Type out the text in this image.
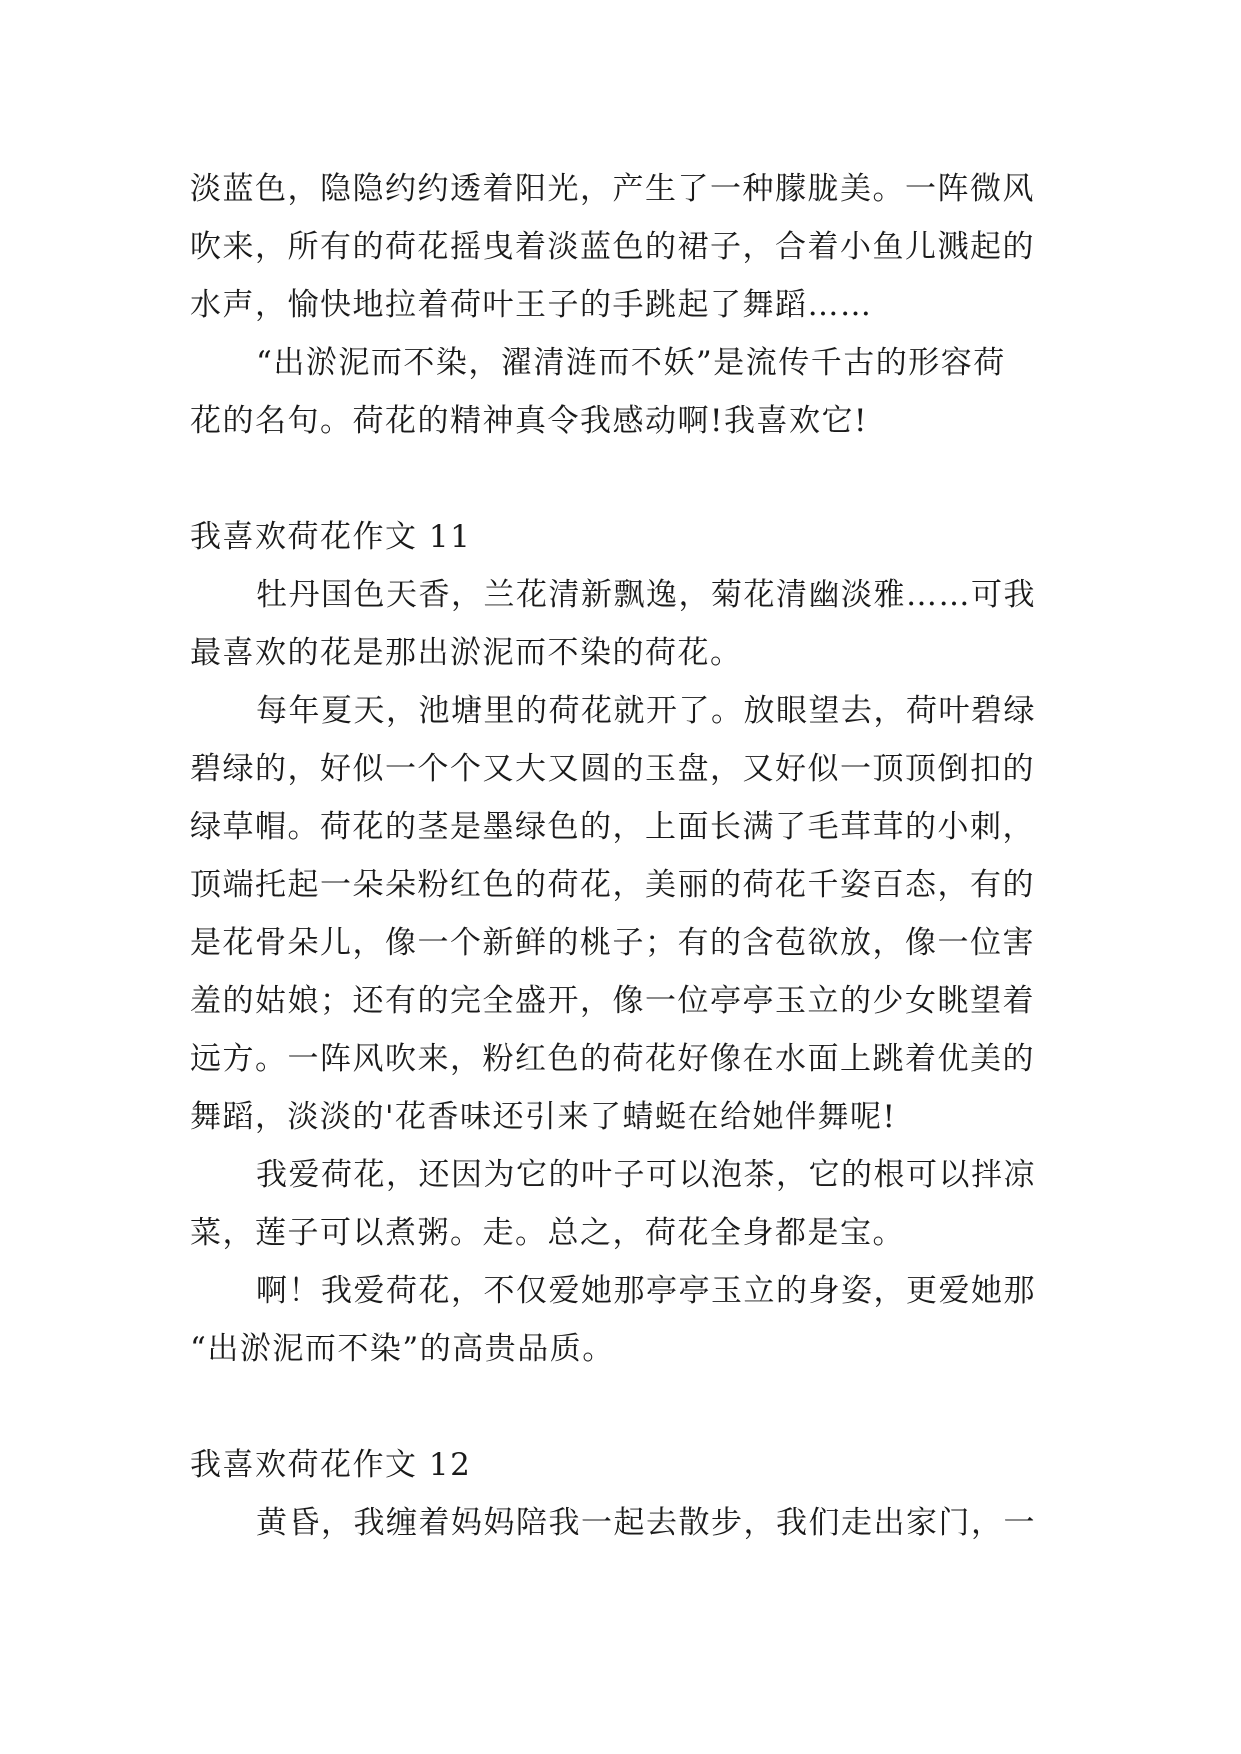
淡蓝色，隐隐约约透着阳光，产生了一种朦胧美。一阵微风
吹来，所有的荷花摇曳着淡蓝色的裙子，合着小鱼儿溅起的
水声，愉快地拉着荷叶王子的手跳起了舞蹈……
“出淤泥而不染，濯清涟而不妖”是流传千古的形容荷
花的名句。荷花的精神真令我感动啊!我喜欢它!
我喜欢荷花作文 11
牡丹国色天香，兰花清新飘逸，菊花清幽淡雅……可我
最喜欢的花是那出淤泥而不染的荷花。
每年夏天，池塘里的荷花就开了。放眼望去，荷叶碧绿
碧绿的，好似一个个又大又圆的玉盘，又好似一顶顶倒扣的
绿草帽。荷花的茎是墨绿色的，上面长满了毛茸茸的小刺，
顶端托起一朵朵粉红色的荷花，美丽的荷花千姿百态，有的
是花骨朵儿，像一个新鲜的桃子；有的含苞欲放，像一位害
羞的姑娘；还有的完全盛开，像一位亭亭玉立的少女眺望着
远方。一阵风吹来，粉红色的荷花好像在水面上跳着优美的
舞蹈，淡淡的'花香味还引来了蜻蜓在给她伴舞呢!
我爱荷花，还因为它的叶子可以泡茶，它的根可以拌凉
菜，莲子可以煮粥。走。总之，荷花全身都是宝。
啊！我爱荷花，不仅爱她那亭亭玉立的身姿，更爱她那
“出淤泥而不染”的高贵品质。
我喜欢荷花作文 12
黄昏，我缠着妈妈陪我一起去散步，我们走出家门，一
